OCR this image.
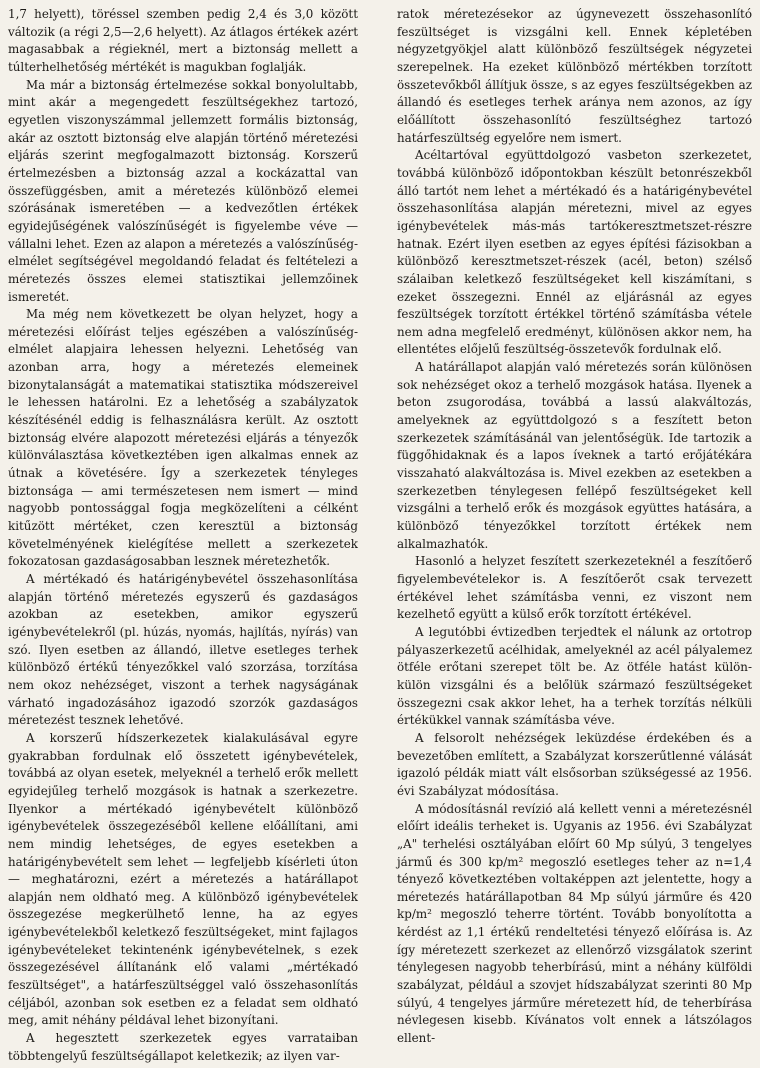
1,7 helyett), töréssel szemben pedig 2,4 és 3,0 között változik (a régi 2,5—2,6 helyett). Az átlagos értékek azért magasabbak a régieknél, mert a biztonság mellett a túlterhelhetőség mértékét is magukban foglalják.

Ma már a biztonság értelmezése sokkal bonyolultabb, mint akár a megengedett feszültségekhez tartozó, egyetlen viszonyszámmal jellemzett formális biztonság, akár az osztott biztonság elve alapján történő méretezési eljárás szerint megfogalmazott biztonság. Korszerű értelmezésben a biztonság azzal a kockázattal van összefüggésben, amit a méretezés különböző elemei szórásának ismeretében — a kedvezőtlen értékek egyidejűségének valószínűségét is figyelembe véve — vállalni lehet. Ezen az alapon a méretezés a valószínűség-elmélet segítségével megoldandó feladat és feltételezi a méretezés összes elemei statisztikai jellemzőinek ismeretét.

Ma még nem következett be olyan helyzet, hogy a méretezési előírást teljes egészében a valószínűség-elmélet alapjaira lehessen helyezni. Lehetőség van azonban arra, hogy a méretezés elemeinek bizonytalanságát a matematikai statisztika módszereivel le lehessen határolni. Ez a lehetőség a szabályzatok készítésénél eddig is felhasználásra került. Az osztott biztonság elvére alapozott méretezési eljárás a tényezők különválasztása következtében igen alkalmas ennek az útnak a követésére. Így a szerkezetek tényleges biztonsága — ami természetesen nem ismert — mind nagyobb pontossággal fogja megközelíteni a célként kitűzött mértéket, czen keresztül a biztonság követelményének kielégítése mellett a szerkezetek fokozatosan gazdaságosabban lesznek méretezhetők.

A mértékadó és határigénybevétel összehasonlítása alapján történő méretezés egyszerű és gazdaságos azokban az esetekben, amikor egyszerű igénybevételekről (pl. húzás, nyomás, hajlítás, nyírás) van szó. Ilyen esetben az állandó, illetve esetleges terhek különböző értékű tényezőkkel való szorzása, torzítása nem okoz nehézséget, viszont a terhek nagyságának várható ingadozásához igazodó szorzók gazdaságos méretezést tesznek lehetővé.

A korszerű hídszerkezetek kialakulásával egyre gyakrabban fordulnak elő összetett igénybevételek, továbbá az olyan esetek, melyeknél a terhelő erők mellett egyidejűleg terhelő mozgások is hatnak a szerkezetre. Ilyenkor a mértékadó igénybevételt különböző igénybevételek összegezéséből kellene előállítani, ami nem mindig lehetséges, de egyes esetekben a határigénybevételt sem lehet — legfeljebb kísérleti úton — meghatározni, ezért a méretezés a határállapot alapján nem oldható meg. A különböző igénybevételek összegezése megkerülhető lenne, ha az egyes igénybevételekből keletkező feszültségeket, mint fajlagos igénybevételeket tekintenénk igénybevételnek, s ezek összegezésével állítanánk elő valami „mértékadó feszültséget", a határfeszültséggel való összehasonlítás céljából, azonban sok esetben ez a feladat sem oldható meg, amit néhány példával lehet bizonyítani.

A hegesztett szerkezetek egyes varrataiban többtengelyű feszültségállapot keletkezik; az ilyen var-

ratok méretezésekor az úgynevezett összehasonlító feszültséget is vizsgálni kell. Ennek képletében négyzetgyökjel alatt különböző feszültségek négyzetei szerepelnek. Ha ezeket különböző mértékben torzított összetevőkből állítjuk össze, s az egyes feszültségekben az állandó és esetleges terhek aránya nem azonos, az így előállított összehasonlító feszültséghez tartozó határfeszültség egyelőre nem ismert.

Acéltartóval együttdolgozó vasbeton szerkezetet, továbbá különböző időpontokban készült betonrészekből álló tartót nem lehet a mértékadó és a határigénybevétel összehasonlítása alapján méretezni, mivel az egyes igénybevételek más-más tartókeresztmetszet-részre hatnak. Ezért ilyen esetben az egyes építési fázisokban a különböző keresztmetszet-részek (acél, beton) szélső szálaiban keletkező feszültségeket kell kiszámítani, s ezeket összegezni. Ennél az eljárásnál az egyes feszültségek torzított értékkel történő számításba vétele nem adna megfelelő eredményt, különösen akkor nem, ha ellentétes előjelű feszültség-összetevők fordulnak elő.

A határállapot alapján való méretezés során különösen sok nehézséget okoz a terhelő mozgások hatása. Ilyenek a beton zsugorodása, továbbá a lassú alakváltozás, amelyeknek az együttdolgozó s a feszített beton szerkezetek számításánál van jelentőségük. Ide tartozik a függőhidaknak és a lapos íveknek a tartó erőjátékára visszaható alakváltozása is. Mivel ezekben az esetekben a szerkezetben ténylegesen fellépő feszültségeket kell vizsgálni a terhelő erők és mozgások együttes hatására, a különböző tényezőkkel torzított értékek nem alkalmazhatók.

Hasonló a helyzet feszített szerkezeteknél a feszítőerő figyelembevételekor is. A feszítőerőt csak tervezett értékével lehet számításba venni, ez viszont nem kezelhető együtt a külső erők torzított értékével.

A legutóbbi évtizedben terjedtek el nálunk az ortotrop pályaszerkezetű acélhidak, amelyeknél az acél pályalemez ötféle erőtani szerepet tölt be. Az ötféle hatást külön-külön vizsgálni és a belőlük származó feszültségeket összegezni csak akkor lehet, ha a terhek torzítás nélküli értékükkel vannak számításba véve.

A felsorolt nehézségek leküzdése érdekében és a bevezetőben említett, a Szabályzat korszerűtlenné válását igazoló példák miatt vált elsősorban szükségessé az 1956. évi Szabályzat módosítása.

A módosításnál revízió alá kellett venni a méretezésnél előírt ideális terheket is. Ugyanis az 1956. évi Szabályzat „A" terhelési osztályában előírt 60 Mp súlyú, 3 tengelyes jármű és 300 kp/m² megoszló esetleges teher az n=1,4 tényező következtében voltaképpen azt jelentette, hogy a méretezés határállapotban 84 Mp súlyú járműre és 420 kp/m² megoszló teherre történt. Tovább bonyolította a kérdést az 1,1 értékű rendeltetési tényező előírása is. Az így méretezett szerkezet az ellenőrző vizsgálatok szerint ténylegesen nagyobb teherbírású, mint a néhány külföldi szabályzat, például a szovjet hídszabályzat szerinti 80 Mp súlyú, 4 tengelyes járműre méretezett híd, de teherbírása névlegesen kisebb. Kívánatos volt ennek a látszólagos ellent-
